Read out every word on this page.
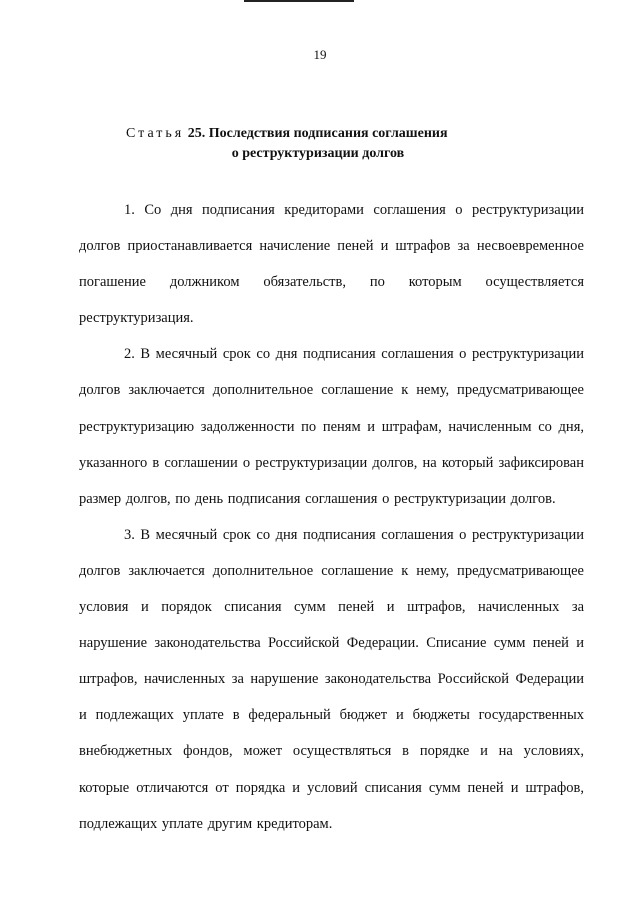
19
Статья 25. Последствия подписания соглашения
о реструктуризации долгов

1. Со дня подписания кредиторами соглашения о реструктуризации долгов приостанавливается начисление пеней и штрафов за несвоевременное погашение должником обязательств, по которым осуществляется реструктуризация.

2. В месячный срок со дня подписания соглашения о реструктуризации долгов заключается дополнительное соглашение к нему, предусматривающее реструктуризацию задолженности по пеням и штрафам, начисленным со дня, указанного в соглашении о реструктуризации долгов, на который зафиксирован размер долгов, по день подписания соглашения о реструктуризации долгов.

3. В месячный срок со дня подписания соглашения о реструктуризации долгов заключается дополнительное соглашение к нему, предусматривающее условия и порядок списания сумм пеней и штрафов, начисленных за нарушение законодательства Российской Федерации. Списание сумм пеней и штрафов, начисленных за нарушение законодательства Российской Федерации и подлежащих уплате в федеральный бюджет и бюджеты государственных внебюджетных фондов, может осуществляться в порядке и на условиях, которые отличаются от порядка и условий списания сумм пеней и штрафов, подлежащих уплате другим кредиторам.
